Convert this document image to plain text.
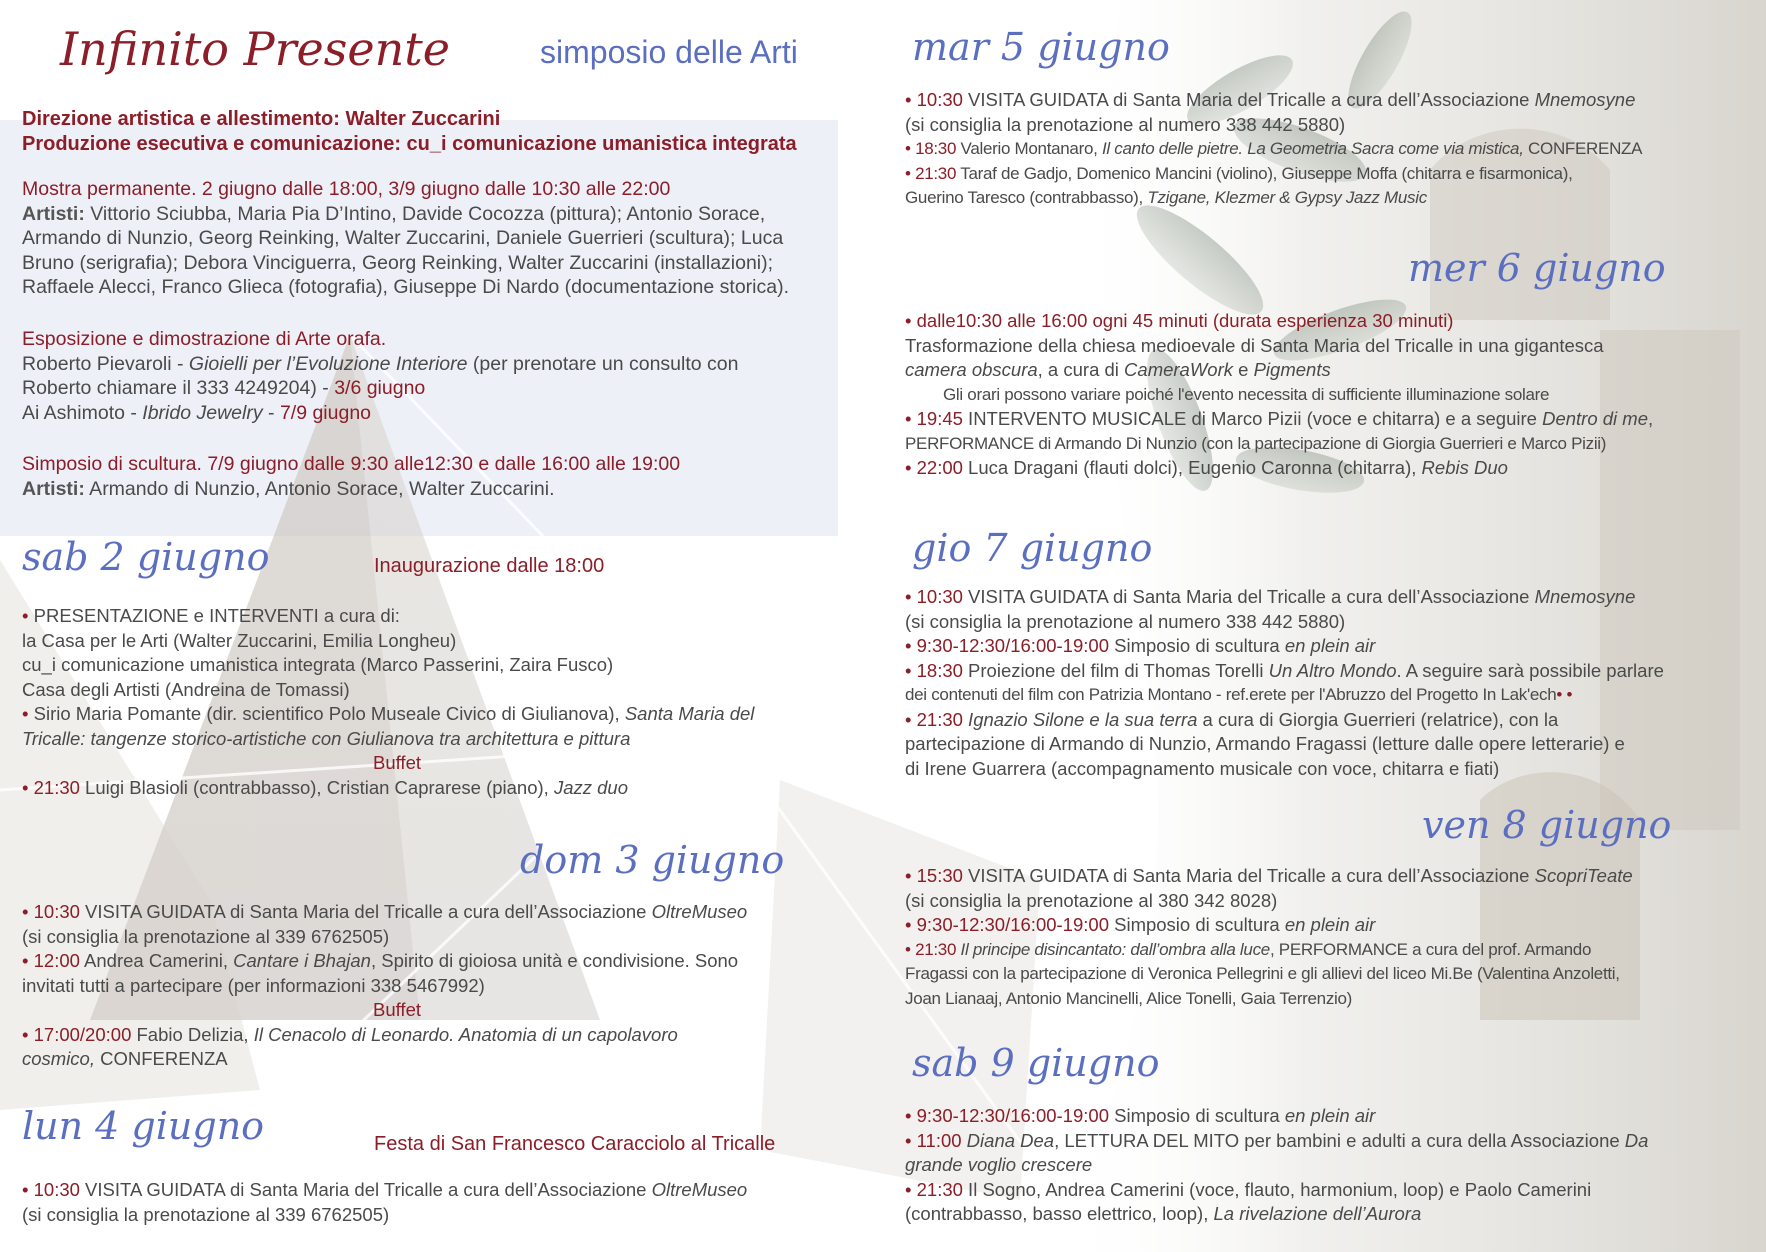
Infinito Presente	simposio delle Arti

Direzione artistica e allestimento: Walter Zuccarini

Produzione esecutiva e comunicazione: cu_i comunicazione umanistica integrata

Mostra permanente. 2 giugno dalle 18:00, 3/9 giugno dalle 10:30 alle 22:00

Artisti: Vittorio Sciubba, Maria Pia D’Intino, Davide Cocozza (pittura); Antonio Sorace,

Armando di Nunzio, Georg Reinking, Walter Zuccarini, Daniele Guerrieri (scultura); Luca

Bruno (serigrafia); Debora Vinciguerra, Georg Reinking, Walter Zuccarini (installazioni);

Raffaele Alecci, Franco Glieca (fotografia), Giuseppe Di Nardo (documentazione storica).

Esposizione e dimostrazione di Arte orafa.

Roberto Pievaroli - Gioielli per l’Evoluzione Interiore (per prenotare un consulto con

Roberto chiamare il 333 4249204) - 3/6 giugno

Ai Ashimoto - Ibrido Jewelry - 7/9 giugno

Simposio di scultura. 7/9 giugno dalle 9:30 alle12:30 e dalle 16:00 alle 19:00

Artisti: Armando di Nunzio, Antonio Sorace, Walter Zuccarini.

sab 2 giugno	Inaugurazione dalle 18:00

• PRESENTAZIONE e INTERVENTI a cura di:

la Casa per le Arti (Walter Zuccarini, Emilia Longheu)

cu_i comunicazione umanistica integrata (Marco Passerini, Zaira Fusco)

Casa degli Artisti (Andreina de Tomassi)

• Sirio Maria Pomante (dir. scientifico Polo Museale Civico di Giulianova), Santa Maria del

Tricalle: tangenze storico-artistiche con Giulianova tra architettura e pittura

Buffet

• 21:30 Luigi Blasioli (contrabbasso), Cristian Caprarese (piano), Jazz duo

dom 3 giugno

• 10:30 VISITA GUIDATA di Santa Maria del Tricalle a cura dell’Associazione OltreMuseo

(si consiglia la prenotazione al 339 6762505)

• 12:00 Andrea Camerini, Cantare i Bhajan, Spirito di gioiosa unità e condivisione. Sono

invitati tutti a partecipare (per informazioni 338 5467992)

Buffet

• 17:00/20:00 Fabio Delizia, Il Cenacolo di Leonardo. Anatomia di un capolavoro

cosmico, CONFERENZA

lun 4 giugno	Festa di San Francesco Caracciolo al Tricalle

• 10:30 VISITA GUIDATA di Santa Maria del Tricalle a cura dell’Associazione OltreMuseo

(si consiglia la prenotazione al 339 6762505)

mar 5 giugno

• 10:30 VISITA GUIDATA di Santa Maria del Tricalle a cura dell’Associazione Mnemosyne

(si consiglia la prenotazione al numero 338 442 5880)

• 18:30 Valerio Montanaro, Il canto delle pietre. La Geometria Sacra come via mistica, CONFERENZA

• 21:30 Taraf de Gadjo, Domenico Mancini (violino), Giuseppe Moffa (chitarra e fisarmonica),

Guerino Taresco (contrabbasso), Tzigane, Klezmer & Gypsy Jazz Music

mer 6 giugno

• dalle10:30 alle 16:00 ogni 45 minuti (durata esperienza 30 minuti)

Trasformazione della chiesa medioevale di Santa Maria del Tricalle in una gigantesca

camera obscura, a cura di CameraWork e Pigments

Gli orari possono variare poiché l'evento necessita di sufficiente illuminazione solare

• 19:45 INTERVENTO MUSICALE di Marco Pizii (voce e chitarra) e a seguire Dentro di me,

PERFORMANCE di Armando Di Nunzio (con la partecipazione di Giorgia Guerrieri e Marco Pizii)

• 22:00 Luca Dragani (flauti dolci), Eugenio Caronna (chitarra), Rebis Duo

gio 7 giugno

• 10:30 VISITA GUIDATA di Santa Maria del Tricalle a cura dell’Associazione Mnemosyne

(si consiglia la prenotazione al numero 338 442 5880)

• 9:30-12:30/16:00-19:00 Simposio di scultura en plein air

• 18:30 Proiezione del film di Thomas Torelli Un Altro Mondo. A seguire sarà possibile parlare

dei contenuti del film con Patrizia Montano - ref.erete per l'Abruzzo del Progetto In Lak'ech• •

• 21:30 Ignazio Silone e la sua terra a cura di Giorgia Guerrieri (relatrice), con la

partecipazione di Armando di Nunzio, Armando Fragassi (letture dalle opere letterarie) e

di Irene Guarrera (accompagnamento musicale con voce, chitarra e fiati)

ven 8 giugno

• 15:30 VISITA GUIDATA di Santa Maria del Tricalle a cura dell’Associazione ScopriTeate

(si consiglia la prenotazione al 380 342 8028)

• 9:30-12:30/16:00-19:00 Simposio di scultura en plein air

• 21:30 Il principe disincantato: dall’ombra alla luce, PERFORMANCE a cura del prof. Armando

Fragassi con la partecipazione di Veronica Pellegrini e gli allievi del liceo Mi.Be (Valentina Anzoletti,

Joan Lianaaj, Antonio Mancinelli, Alice Tonelli, Gaia Terrenzio)

sab 9 giugno

• 9:30-12:30/16:00-19:00 Simposio di scultura en plein air

• 11:00 Diana Dea, LETTURA DEL MITO per bambini e adulti a cura della Associazione Da

grande voglio crescere

• 21:30 Il Sogno, Andrea Camerini (voce, flauto, harmonium, loop) e Paolo Camerini

(contrabbasso, basso elettrico, loop), La rivelazione dell’Aurora
